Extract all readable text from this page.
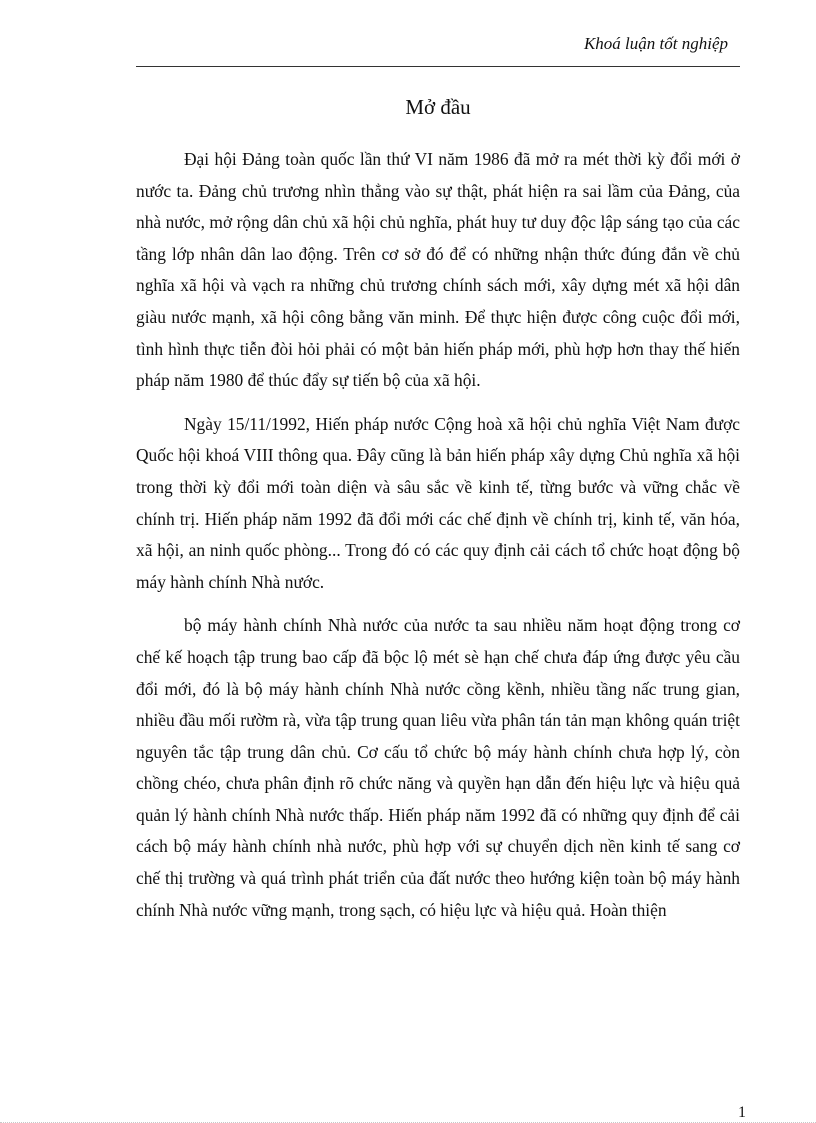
Khoá luận tốt nghiệp
Mở đầu

Đại hội Đảng toàn quốc lần thứ VI năm 1986 đã mở ra mét thời kỳ đổi mới ở nước ta. Đảng chủ trương nhìn thẳng vào sự thật, phát hiện ra sai lầm của Đảng, của nhà nước, mở rộng dân chủ xã hội chủ nghĩa, phát huy tư duy độc lập sáng tạo của các tầng lớp nhân dân lao động. Trên cơ sở đó để có những nhận thức đúng đắn về chủ nghĩa xã hội và vạch ra những chủ trương chính sách mới, xây dựng mét xã hội dân giàu nước mạnh, xã hội công bằng văn minh. Để thực hiện được công cuộc đổi mới, tình hình thực tiễn đòi hỏi phải có một bản hiến pháp mới, phù hợp hơn thay thế hiến pháp năm 1980 để thúc đẩy sự tiến bộ của xã hội.

Ngày 15/11/1992, Hiến pháp nước Cộng hoà xã hội chủ nghĩa Việt Nam được Quốc hội khoá VIII thông qua. Đây cũng là bản hiến pháp xây dựng Chủ nghĩa xã hội trong thời kỳ đổi mới toàn diện và sâu sắc về kinh tế, từng bước và vững chắc về chính trị. Hiến pháp năm 1992 đã đổi mới các chế định về chính trị, kinh tế, văn hóa, xã hội, an ninh quốc phòng... Trong đó có các quy định cải cách tổ chức hoạt động bộ máy hành chính Nhà nước.

bộ máy hành chính Nhà nước của nước ta sau nhiều năm hoạt động trong cơ chế kế hoạch tập trung bao cấp đã bộc lộ mét sè hạn chế chưa đáp ứng được yêu cầu đổi mới, đó là bộ máy hành chính Nhà nước cồng kềnh, nhiều tầng nấc trung gian, nhiều đầu mối rườm rà, vừa tập trung quan liêu vừa phân tán tản mạn không quán triệt nguyên tắc tập trung dân chủ. Cơ cấu tổ chức bộ máy hành chính chưa hợp lý, còn chồng chéo, chưa phân định rõ chức năng và quyền hạn dẫn đến hiệu lực và hiệu quả quản lý hành chính Nhà nước thấp. Hiến pháp năm 1992 đã có những quy định để cải cách bộ máy hành chính nhà nước, phù hợp với sự chuyển dịch nền kinh tế sang cơ chế thị trường và quá trình phát triển của đất nước theo hướng kiện toàn bộ máy hành chính Nhà nước vững mạnh, trong sạch, có hiệu lực và hiệu quả. Hoàn thiện

1
